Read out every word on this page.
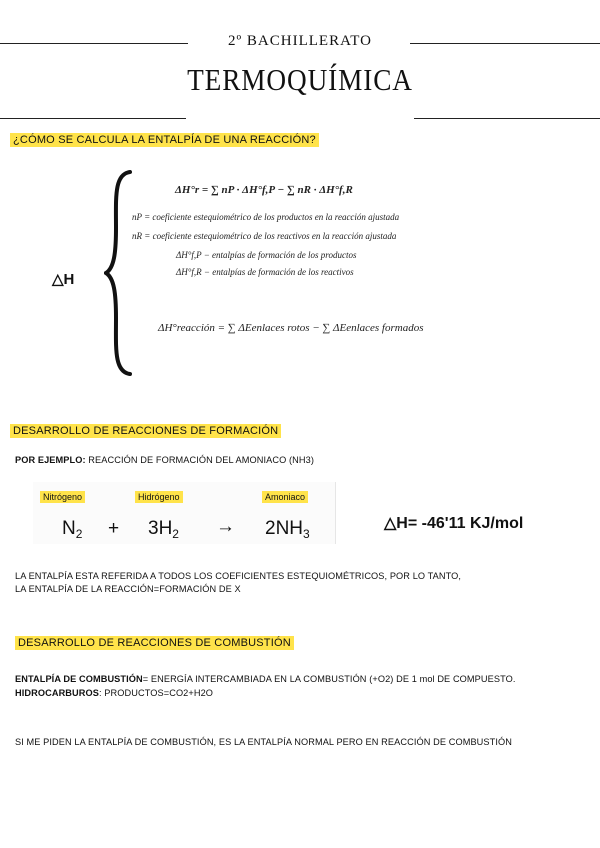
2º BACHILLERATO
TERMOQUÍMICA
¿CÓMO SE CALCULA LA ENTALPÍA DE UNA REACCIÓN?
△H
ΔH°r = ∑ nP · ΔH°f,P − ∑ nR · ΔH°f,R
nP = coeficiente estequiométrico de los productos en la reacción ajustada
nR = coeficiente estequiométrico de los reactivos en la reacción ajustada
ΔH°f,P − entalpías de formación de los productos
ΔH°f,R − entalpías de formación de los reactivos
ΔH°reacción = ∑ ΔEenlaces rotos − ∑ ΔEenlaces formados
DESARROLLO DE REACCIONES DE FORMACIÓN
POR EJEMPLO: REACCIÓN DE FORMACIÓN DEL AMONIACO (NH3)
Nitrógeno	Hidrógeno	Amoniaco
$N_2 + 3H_2 \to 2NH_3$
△H= -46'11 KJ/mol
LA ENTALPÍA ESTA REFERIDA A TODOS LOS COEFICIENTES ESTEQUIOMÉTRICOS, POR LO TANTO,
LA ENTALPÍA DE LA REACCIÓN=FORMACIÓN DE X
DESARROLLO DE REACCIONES DE COMBUSTIÓN
ENTALPÍA DE COMBUSTIÓN= ENERGÍA INTERCAMBIADA EN LA COMBUSTIÓN (+O2) DE 1 mol DE COMPUESTO.
HIDROCARBUROS: PRODUCTOS=CO2+H2O
SI ME PIDEN LA ENTALPÍA DE COMBUSTIÓN, ES LA ENTALPÍA NORMAL PERO EN REACCIÓN DE COMBUSTIÓN
